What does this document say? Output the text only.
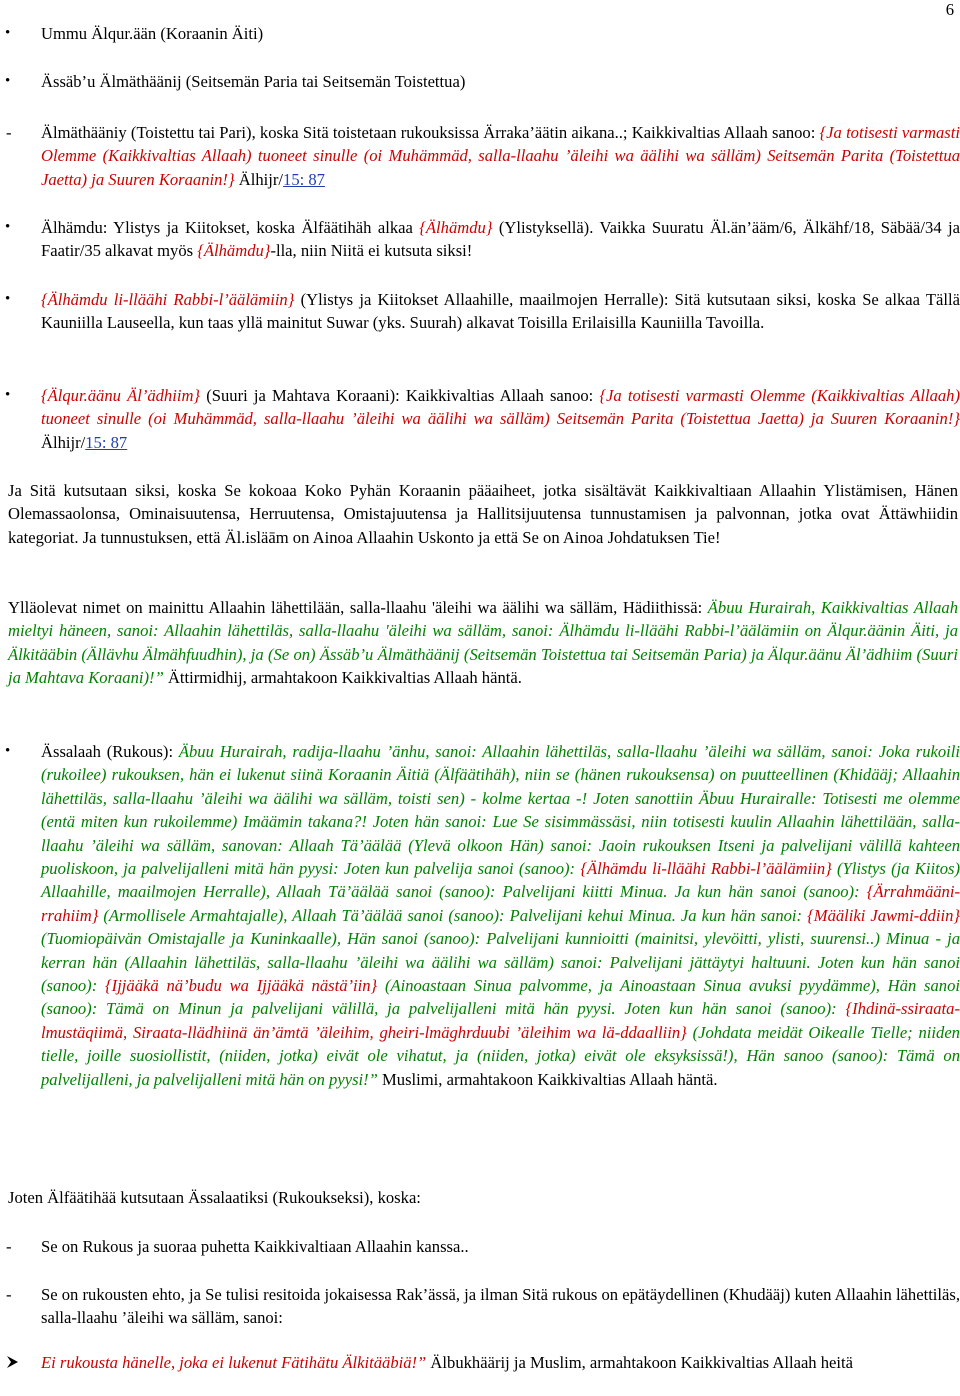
6
• Ummu Älqur.ään (Koraanin Äiti)
• Ässäb’u Älmäthäänij (Seitsemän Paria tai Seitsemän Toistettua)
- Älmäthääniy (Toistettu tai Pari), koska Sitä toistetaan rukouksissa Ärraka’äätin aikana..; Kaikkivaltias Allaah sanoo: {Ja totisesti varmasti Olemme (Kaikkivaltias Allaah) tuoneet sinulle (oi Muhämmäd, salla-llaahu ’äleihi wa äälihi wa sälläm) Seitsemän Parita (Toistettua Jaetta) ja Suuren Koraanin!} Älhijr/15: 87
• Älhämdu: Ylistys ja Kiitokset, koska Älfäätihäh alkaa {Älhämdu} (Ylistyksellä). Vaikka Suuratu Äl.än’ääm/6, Älkähf/18, Säbää/34 ja Faatir/35 alkavat myös {Älhämdu}-lla, niin Niitä ei kutsuta siksi!
• {Älhämdu li-lläähi Rabbi-l’äälämiin} (Ylistys ja Kiitokset Allaahille, maailmojen Herralle): Sitä kutsutaan siksi, koska Se alkaa Tällä Kauniilla Lauseella, kun taas yllä mainitut Suwar (yks. Suurah) alkavat Toisilla Erilaisilla Kauniilla Tavoilla.
• {Älqur.äänu Äl’ädhiim} (Suuri ja Mahtava Koraani): Kaikkivaltias Allaah sanoo: {Ja totisesti varmasti Olemme (Kaikkivaltias Allaah) tuoneet sinulle (oi Muhämmäd, salla-llaahu ’äleihi wa äälihi wa sälläm) Seitsemän Parita (Toistettua Jaetta) ja Suuren Koraanin!} Älhijr/15: 87
Ja Sitä kutsutaan siksi, koska Se kokoaa Koko Pyhän Koraanin pääaiheet, jotka sisältävät Kaikkivaltiaan Allaahin Ylistämisen, Hänen Olemassaolonsa, Ominaisuutensa, Herruutensa, Omistajuutensa ja Hallitsijuutensa tunnustamisen ja palvonnan, jotka ovat Ättäwhiidin kategoriat. Ja tunnustuksen, että Äl.isläām on Ainoa Allaahin Uskonto ja että Se on Ainoa Johdatuksen Tie!
Ylläolevat nimet on mainittu Allaahin lähettilään, salla-llaahu 'äleihi wa äälihi wa sälläm, Hädiithissä: Äbuu Hurairah, Kaikkivaltias Allaah mieltyi häneen, sanoi: Allaahin lähettiläs, salla-llaahu 'äleihi wa sälläm, sanoi: Älhämdu li-lläähi Rabbi-l’äälämiin on Älqur.äänin Äiti, ja Älkitääbin (Ällävhu Älmähfuudhin), ja (Se on) Ässäb’u Älmäthäänij (Seitsemän Toistettua tai Seitsemän Paria) ja Älqur.äänu Äl’ädhiim (Suuri ja Mahtava Koraani)!” Ättirmidhij, armahtakoon Kaikkivaltias Allaah häntä.
• Ässalaah (Rukous): Äbuu Hurairah, radija-llaahu ’änhu, sanoi: Allaahin lähettiläs, salla-llaahu ’äleihi wa sälläm, sanoi: Joka rukoili (rukoilee) rukouksen, hän ei lukenut siinä Koraanin Äitiä (Älfäätihäh), niin se (hänen rukouksensa) on puutteellinen (Khidääj; Allaahin lähettiläs, salla-llaahu ’äleihi wa äälihi wa sälläm, toisti sen) - kolme kertaa -! Joten sanottiin Äbuu Hurairalle: Totisesti me olemme (entä miten kun rukoilemme) Imäämin takana?! Joten hän sanoi: Lue Se sisimmässäsi, niin totisesti kuulin Allaahin lähettilään, salla-llaahu ’äleihi wa sälläm, sanovan: Allaah Tä’äälää (Ylevä olkoon Hän) sanoi: Jaoin rukouksen Itseni ja palvelijani välillä kahteen puoliskoon, ja palvelijalleni mitä hän pyysi: Joten kun palvelija sanoi (sanoo): {Älhämdu li-lläähi Rabbi-l’äälämiin} (Ylistys (ja Kiitos) Allaahille, maailmojen Herralle), Allaah Tä’äälää sanoi (sanoo): Palvelijani kiitti Minua. Ja kun hän sanoi (sanoo): {Ärrahmääni-rrahiim} (Armollisele Armahtajalle), Allaah Tä’äälää sanoi (sanoo): Palvelijani kehui Minua. Ja kun hän sanoi: {Määliki Jawmi-ddiin} (Tuomiopäivän Omistajalle ja Kuninkaalle), Hän sanoi (sanoo): Palvelijani kunnioitti (mainitsi, ylevöitti, ylisti, suurensi..) Minua - ja kerran hän (Allaahin lähettiläs, salla-llaahu ’äleihi wa äälihi wa sälläm) sanoi: Palvelijani jättäytyi haltuuni. Joten kun hän sanoi (sanoo): {Ijjääkä nä’budu wa Ijjääkä nästä’iin} (Ainoastaan Sinua palvomme, ja Ainoastaan Sinua avuksi pyydämme), Hän sanoi (sanoo): Tämä on Minun ja palvelijani välillä, ja palvelijalleni mitä hän pyysi. Joten kun hän sanoi (sanoo): {Ihdinä-ssiraata-lmustäqiimä, Siraata-llädhiinä än’ämtä ’äleihim, gheiri-lmäghrduubi ’äleihim wa lä-ddaalliin} (Johdata meidät Oikealle Tielle; niiden tielle, joille suosiollistit, (niiden, jotka) eivät ole vihatut, ja (niiden, jotka) eivät ole eksyksissä!), Hän sanoo (sanoo): Tämä on palvelijalleni, ja palvelijalleni mitä hän on pyysi!” Muslimi, armahtakoon Kaikkivaltias Allaah häntä.
Joten Älfäätihää kutsutaan Ässalaatiksi (Rukoukseksi), koska:
- Se on Rukous ja suoraa puhetta Kaikkivaltiaan Allaahin kanssa..
- Se on rukousten ehto, ja Se tulisi resitoida jokaisessa Rak’ässä, ja ilman Sitä rukous on epätäydellinen (Khudääj) kuten Allaahin lähettiläs, salla-llaahu ’äleihi wa sälläm, sanoi:
Ei rukousta hänelle, joka ei lukenut Fätihätu Älkitääbiä!” Älbukhäärij ja Muslim, armahtakoon Kaikkivaltias Allaah heitä
